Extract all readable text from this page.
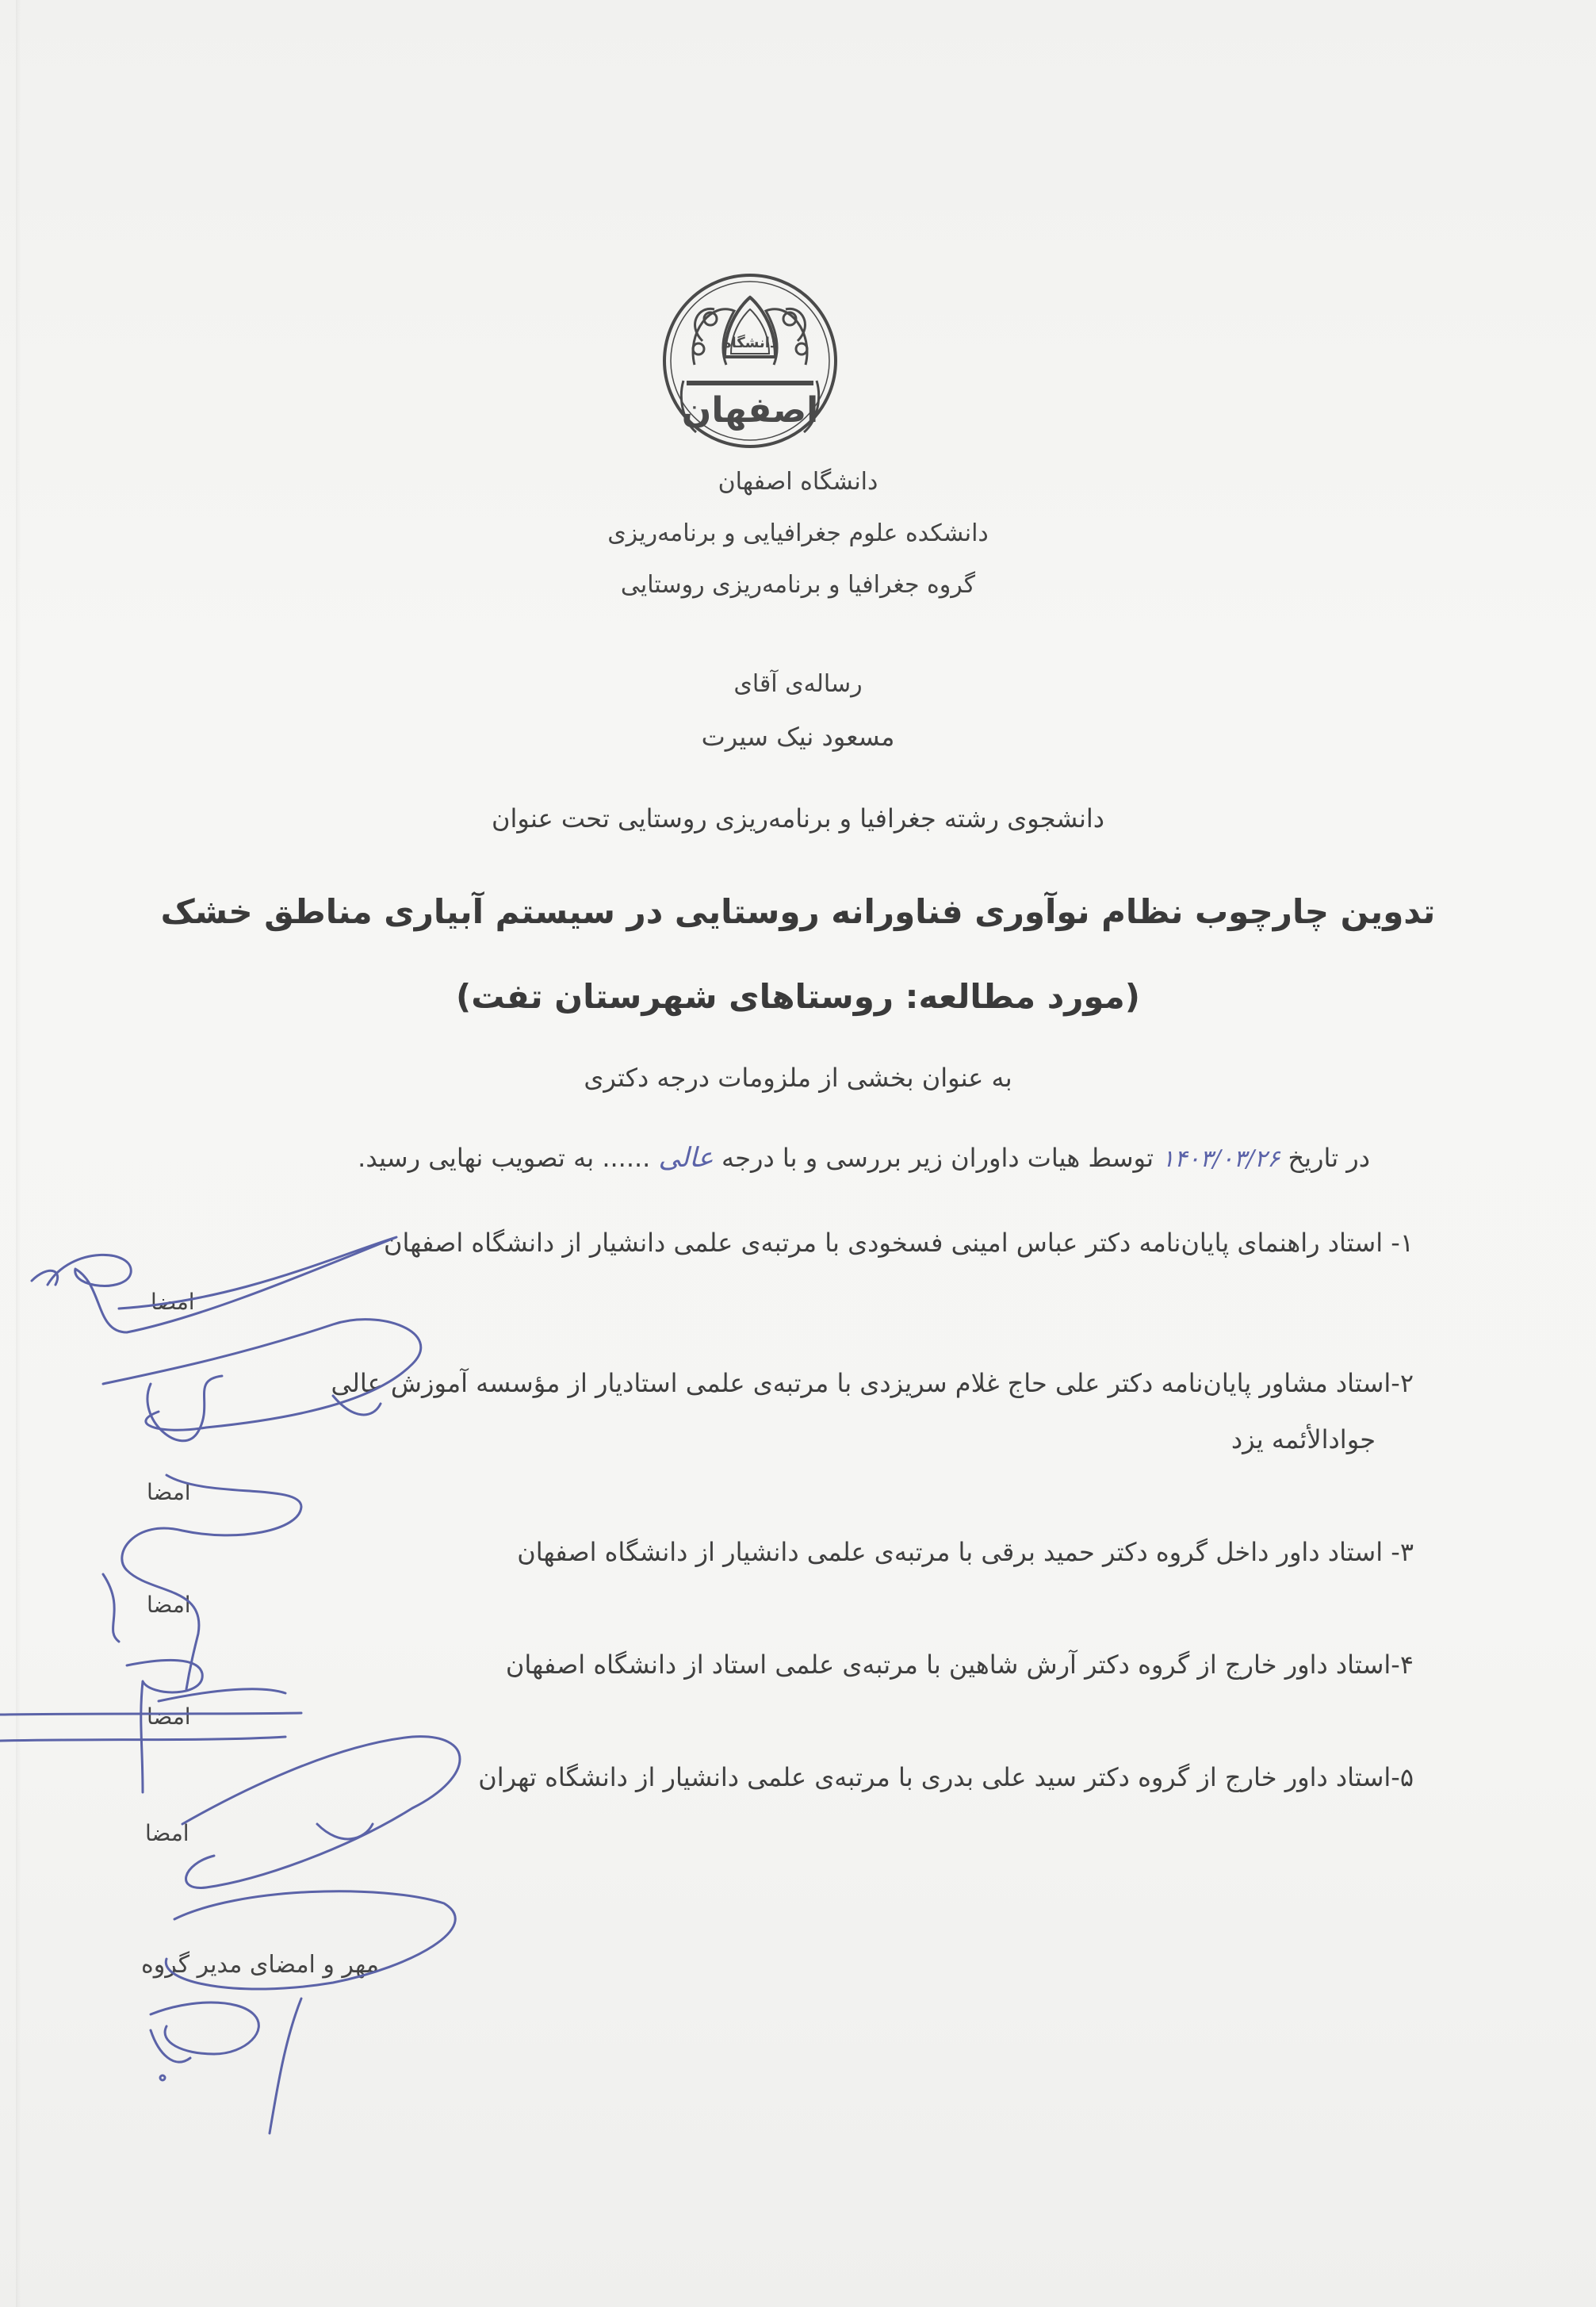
دانشگاه
اصفهان
دانشگاه اصفهان
دانشکده علوم جغرافیایی و برنامه‌ریزی
گروه جغرافیا و برنامه‌ریزی روستایی
رساله‌ی آقای
مسعود نیک سیرت
دانشجوی رشته جغرافیا و برنامه‌ریزی روستایی تحت عنوان
تدوین چارچوب نظام نوآوری فناورانه روستایی در سیستم آبیاری مناطق خشک
(مورد مطالعه: روستاهای شهرستان تفت)
به عنوان بخشی از ملزومات درجه دکتری
در تاریخ ۱۴۰۳/۰۳/۲۶ توسط هیات داوران زیر بررسی و با درجه عالی ...... به تصویب نهایی رسید.
۱- استاد راهنمای پایان‌نامه دکتر عباس امینی فسخودی با مرتبه‌ی علمی دانشیار از دانشگاه اصفهان
امضا
۲-استاد مشاور پایان‌نامه دکتر علی حاج غلام سریزدی با مرتبه‌ی علمی استادیار از مؤسسه آموزش عالی
جوادالأئمه یزد
امضا
۳- استاد داور داخل گروه دکتر حمید برقی با مرتبه‌ی علمی دانشیار از دانشگاه اصفهان
امضا
۴-استاد داور خارج از گروه دکتر آرش شاهین با مرتبه‌ی علمی استاد از دانشگاه اصفهان
امضا
۵-استاد داور خارج از گروه دکتر سید علی بدری با مرتبه‌ی علمی دانشیار از دانشگاه تهران
امضا
مهر و امضای مدیر گروه
